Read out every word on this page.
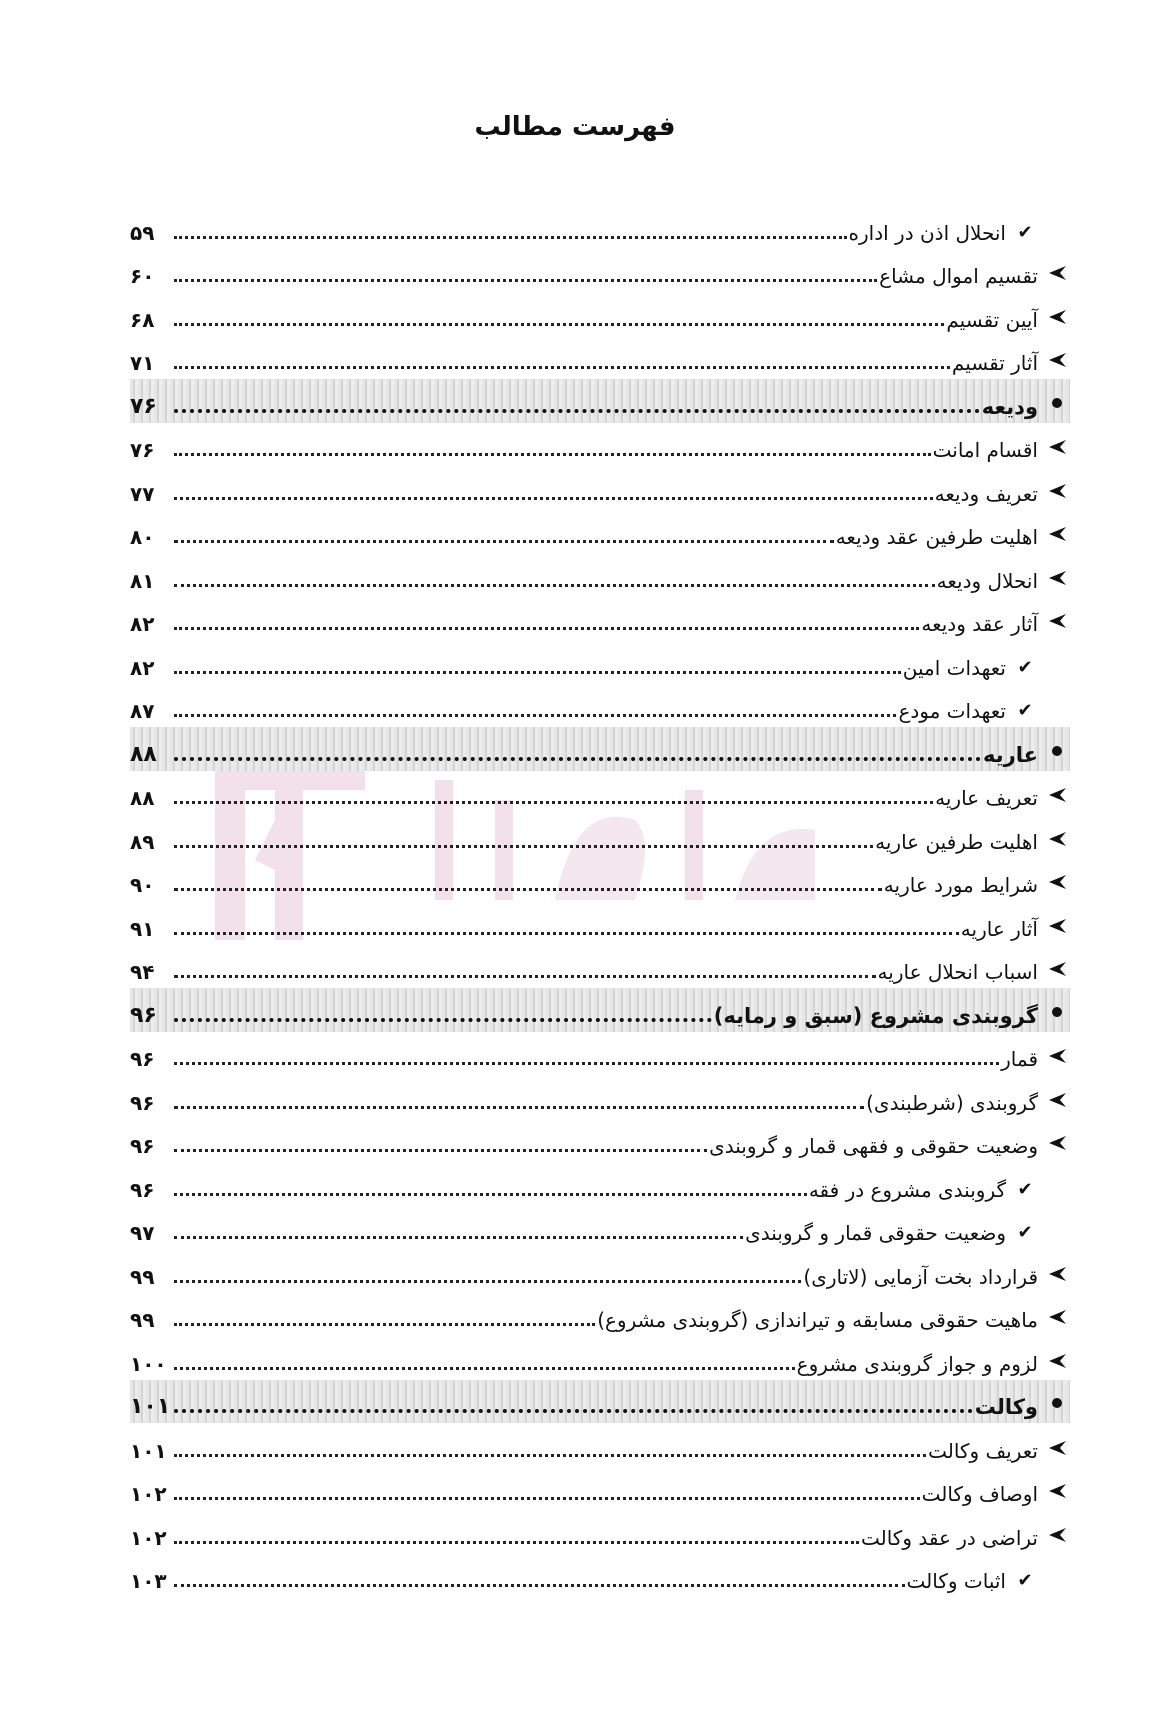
فهرست مطالب
✔
انحلال اذن در اداره
۵۹
تقسیم اموال مشاع
۶۰
آیین تقسیم
۶۸
آثار تقسیم
۷۱
ودیعه
۷۶
اقسام امانت
۷۶
تعریف ودیعه
۷۷
اهلیت طرفین عقد ودیعه
۸۰
انحلال ودیعه
۸۱
آثار عقد ودیعه
۸۲
✔
تعهدات امین
۸۲
✔
تعهدات مودع
۸۷
عاریه
۸۸
تعریف عاریه
۸۸
اهلیت طرفین عاریه
۸۹
شرایط مورد عاریه
۹۰
آثار عاریه
۹۱
اسباب انحلال عاریه
۹۴
گروبندی مشروع (سبق و رمایه)
۹۶
قمار
۹۶
گروبندی (شرطبندی)
۹۶
وضعیت حقوقی و فقهی قمار و گروبندی
۹۶
✔
گروبندی مشروع در فقه
۹۶
✔
وضعیت حقوقی قمار و گروبندی
۹۷
قرارداد بخت آزمایی (لاتاری)
۹۹
ماهیت حقوقی مسابقه و تیراندازی (گروبندی مشروع)
۹۹
لزوم و جواز گروبندی مشروع
۱۰۰
وکالت
۱۰۱
تعریف وکالت
۱۰۱
اوصاف وکالت
۱۰۲
تراضی در عقد وکالت
۱۰۲
✔
اثبات وکالت
۱۰۳
